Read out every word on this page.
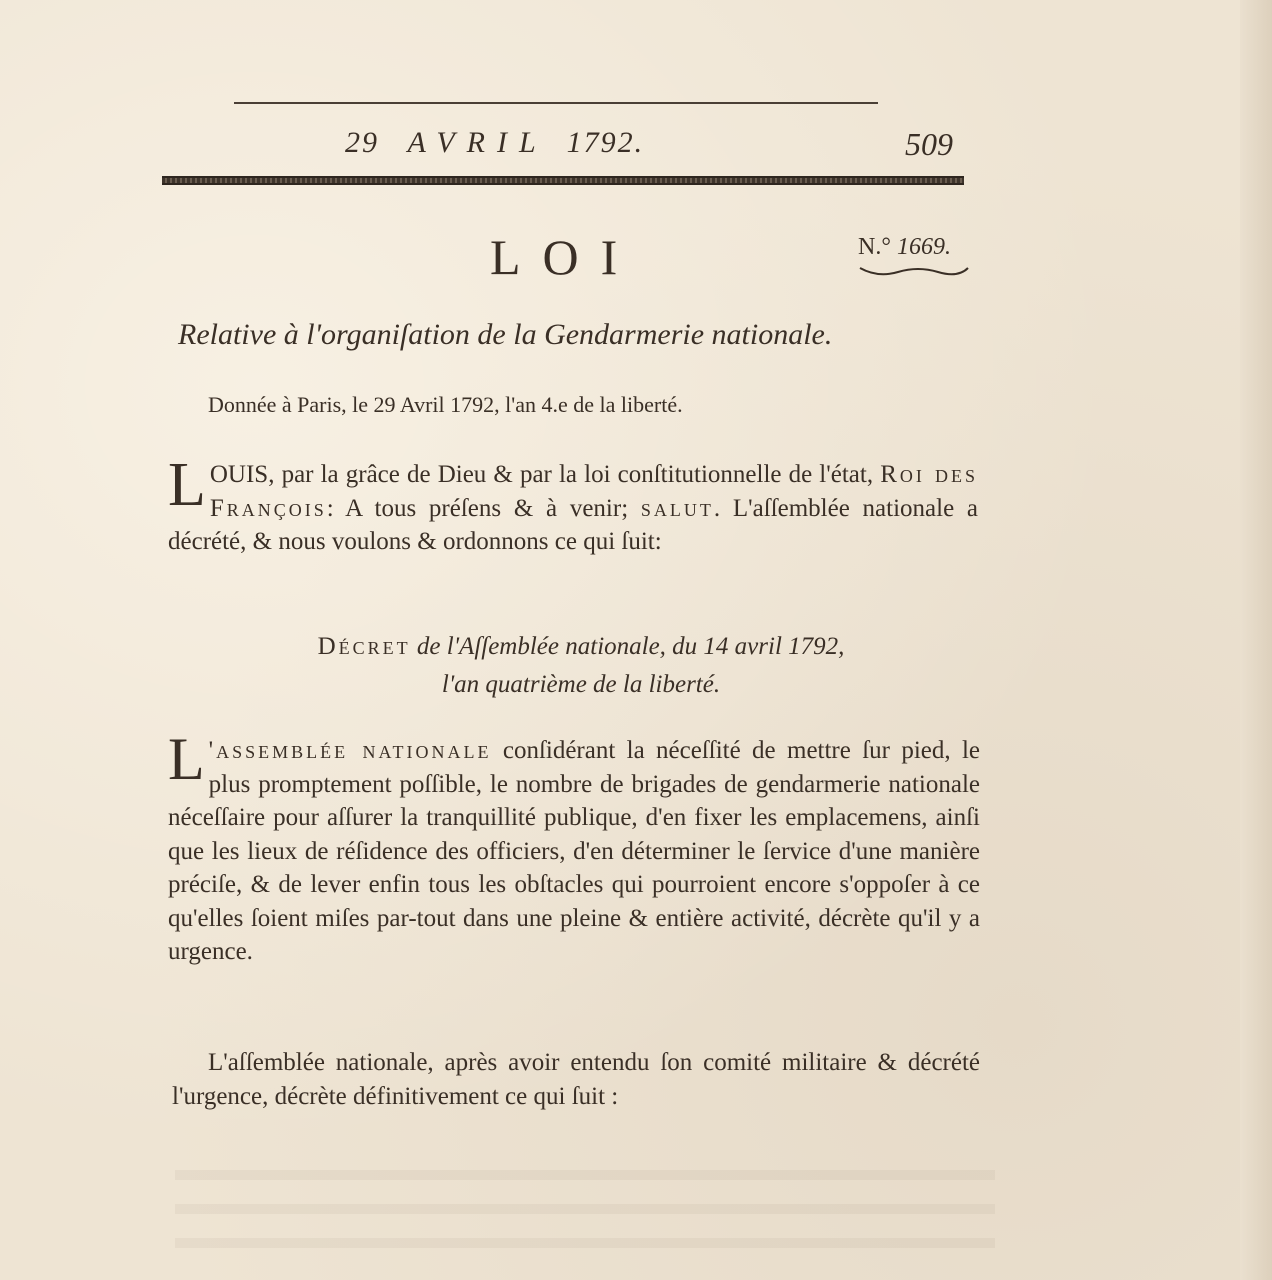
29 AVRIL 1792.	509
LOI	N.° 1669.
Relative à l'organiſation de la Gendarmerie nationale.
Donnée à Paris, le 29 Avril 1792, l'an 4.e de la liberté.
LOUIS, par la grâce de Dieu & par la loi conſtitutionnelle de l'état, Roi des François: A tous préſens & à venir; salut. L'aſſemblée nationale a décrété, & nous voulons & ordonnons ce qui ſuit:
Décret de l'Aſſemblée nationale, du 14 avril 1792,
l'an quatrième de la liberté.
L 'assemblée nationale conſidérant la néceſſité de mettre ſur pied, le plus promptement poſſible, le nombre de brigades de gendarmerie nationale néceſſaire pour aſſurer la tranquillité publique, d'en fixer les emplacemens, ainſi que les lieux de réſidence des officiers, d'en déterminer le ſervice d'une manière préciſe, & de lever enfin tous les obſtacles qui pourroient encore s'oppoſer à ce qu'elles ſoient miſes par-tout dans une pleine & entière activité, décrète qu'il y a urgence.
L'aſſemblée nationale, après avoir entendu ſon comité militaire & décrété l'urgence, décrète définitivement ce qui ſuit :
